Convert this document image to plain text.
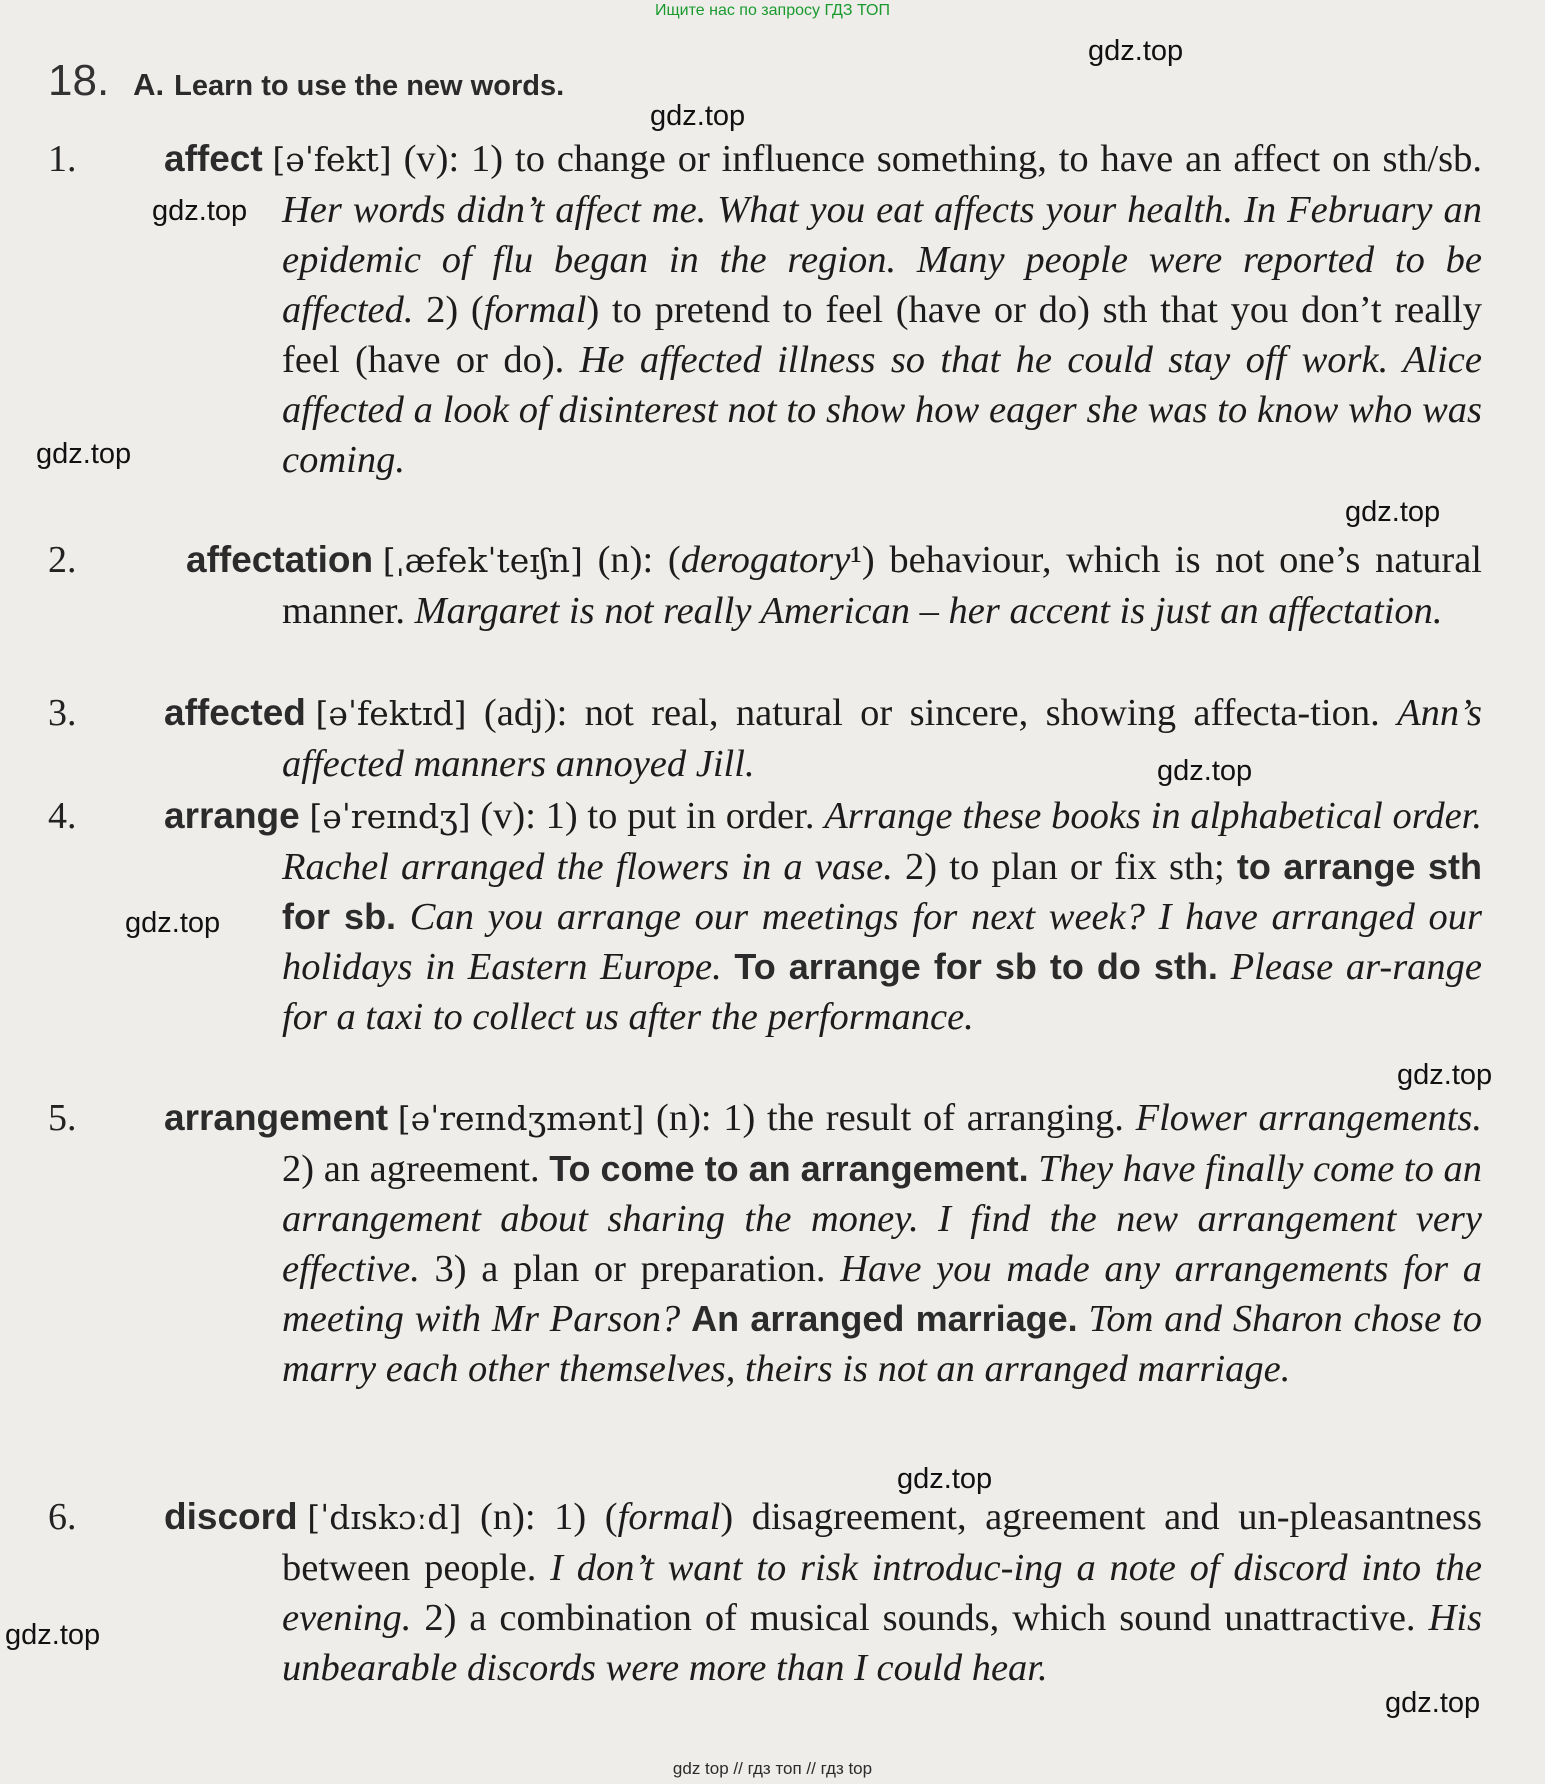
Ищите нас по запросу ГДЗ ТОП

18. A. Learn to use the new words.
1. affect [əˈfekt] (v): 1) to change or influence something, to have an affect on sth/sb. Her words didn’t affect me. What you eat affects your health. In February an epidemic of flu began in the region. Many people were reported to be affected. 2) (formal) to pretend to feel (have or do) sth that you don’t really feel (have or do). He affected illness so that he could stay off work. Alice affected a look of disinterest not to show how eager she was to know who was coming.
2.	affectation [ˌæfekˈteɪʃn] (n): (derogatory¹) behaviour, which is not one’s natural manner. Margaret is not really American – her accent is just an affectation.
3. affected [əˈfektɪd] (adj): not real, natural or sincere, showing affecta-tion. Ann’s affected manners annoyed Jill.
4. arrange [əˈreɪndʒ] (v): 1) to put in order. Arrange these books in alphabetical order. Rachel arranged the flowers in a vase. 2) to plan or fix sth; to arrange sth for sb. Can you arrange our meetings for next week? I have arranged our holidays in Eastern Europe. To arrange for sb to do sth. Please ar-range for a taxi to collect us after the performance.
5. arrangement [əˈreɪndʒmənt] (n): 1) the result of arranging. Flower arrangements. 2) an agreement. To come to an arrangement. They have finally come to an arrangement about sharing the money. I find the new arrangement very effective. 3) a plan or preparation. Have you made any arrangements for a meeting with Mr Parson? An arranged marriage. Tom and Sharon chose to marry each other themselves, theirs is not an arranged marriage.
6. discord [ˈdɪskɔːd] (n): 1) (formal) disagreement, agreement and un-pleasantness between people. I don’t want to risk introduc-ing a note of discord into the evening. 2) a combination of musical sounds, which sound unattractive. His unbearable discords were more than I could hear.
gdz.top
gdz.top
gdz.top
gdz.top
gdz.top
gdz.top
gdz.top
gdz.top
gdz.top
gdz.top
gdz.top
gdz top // гдз топ // гдз top
